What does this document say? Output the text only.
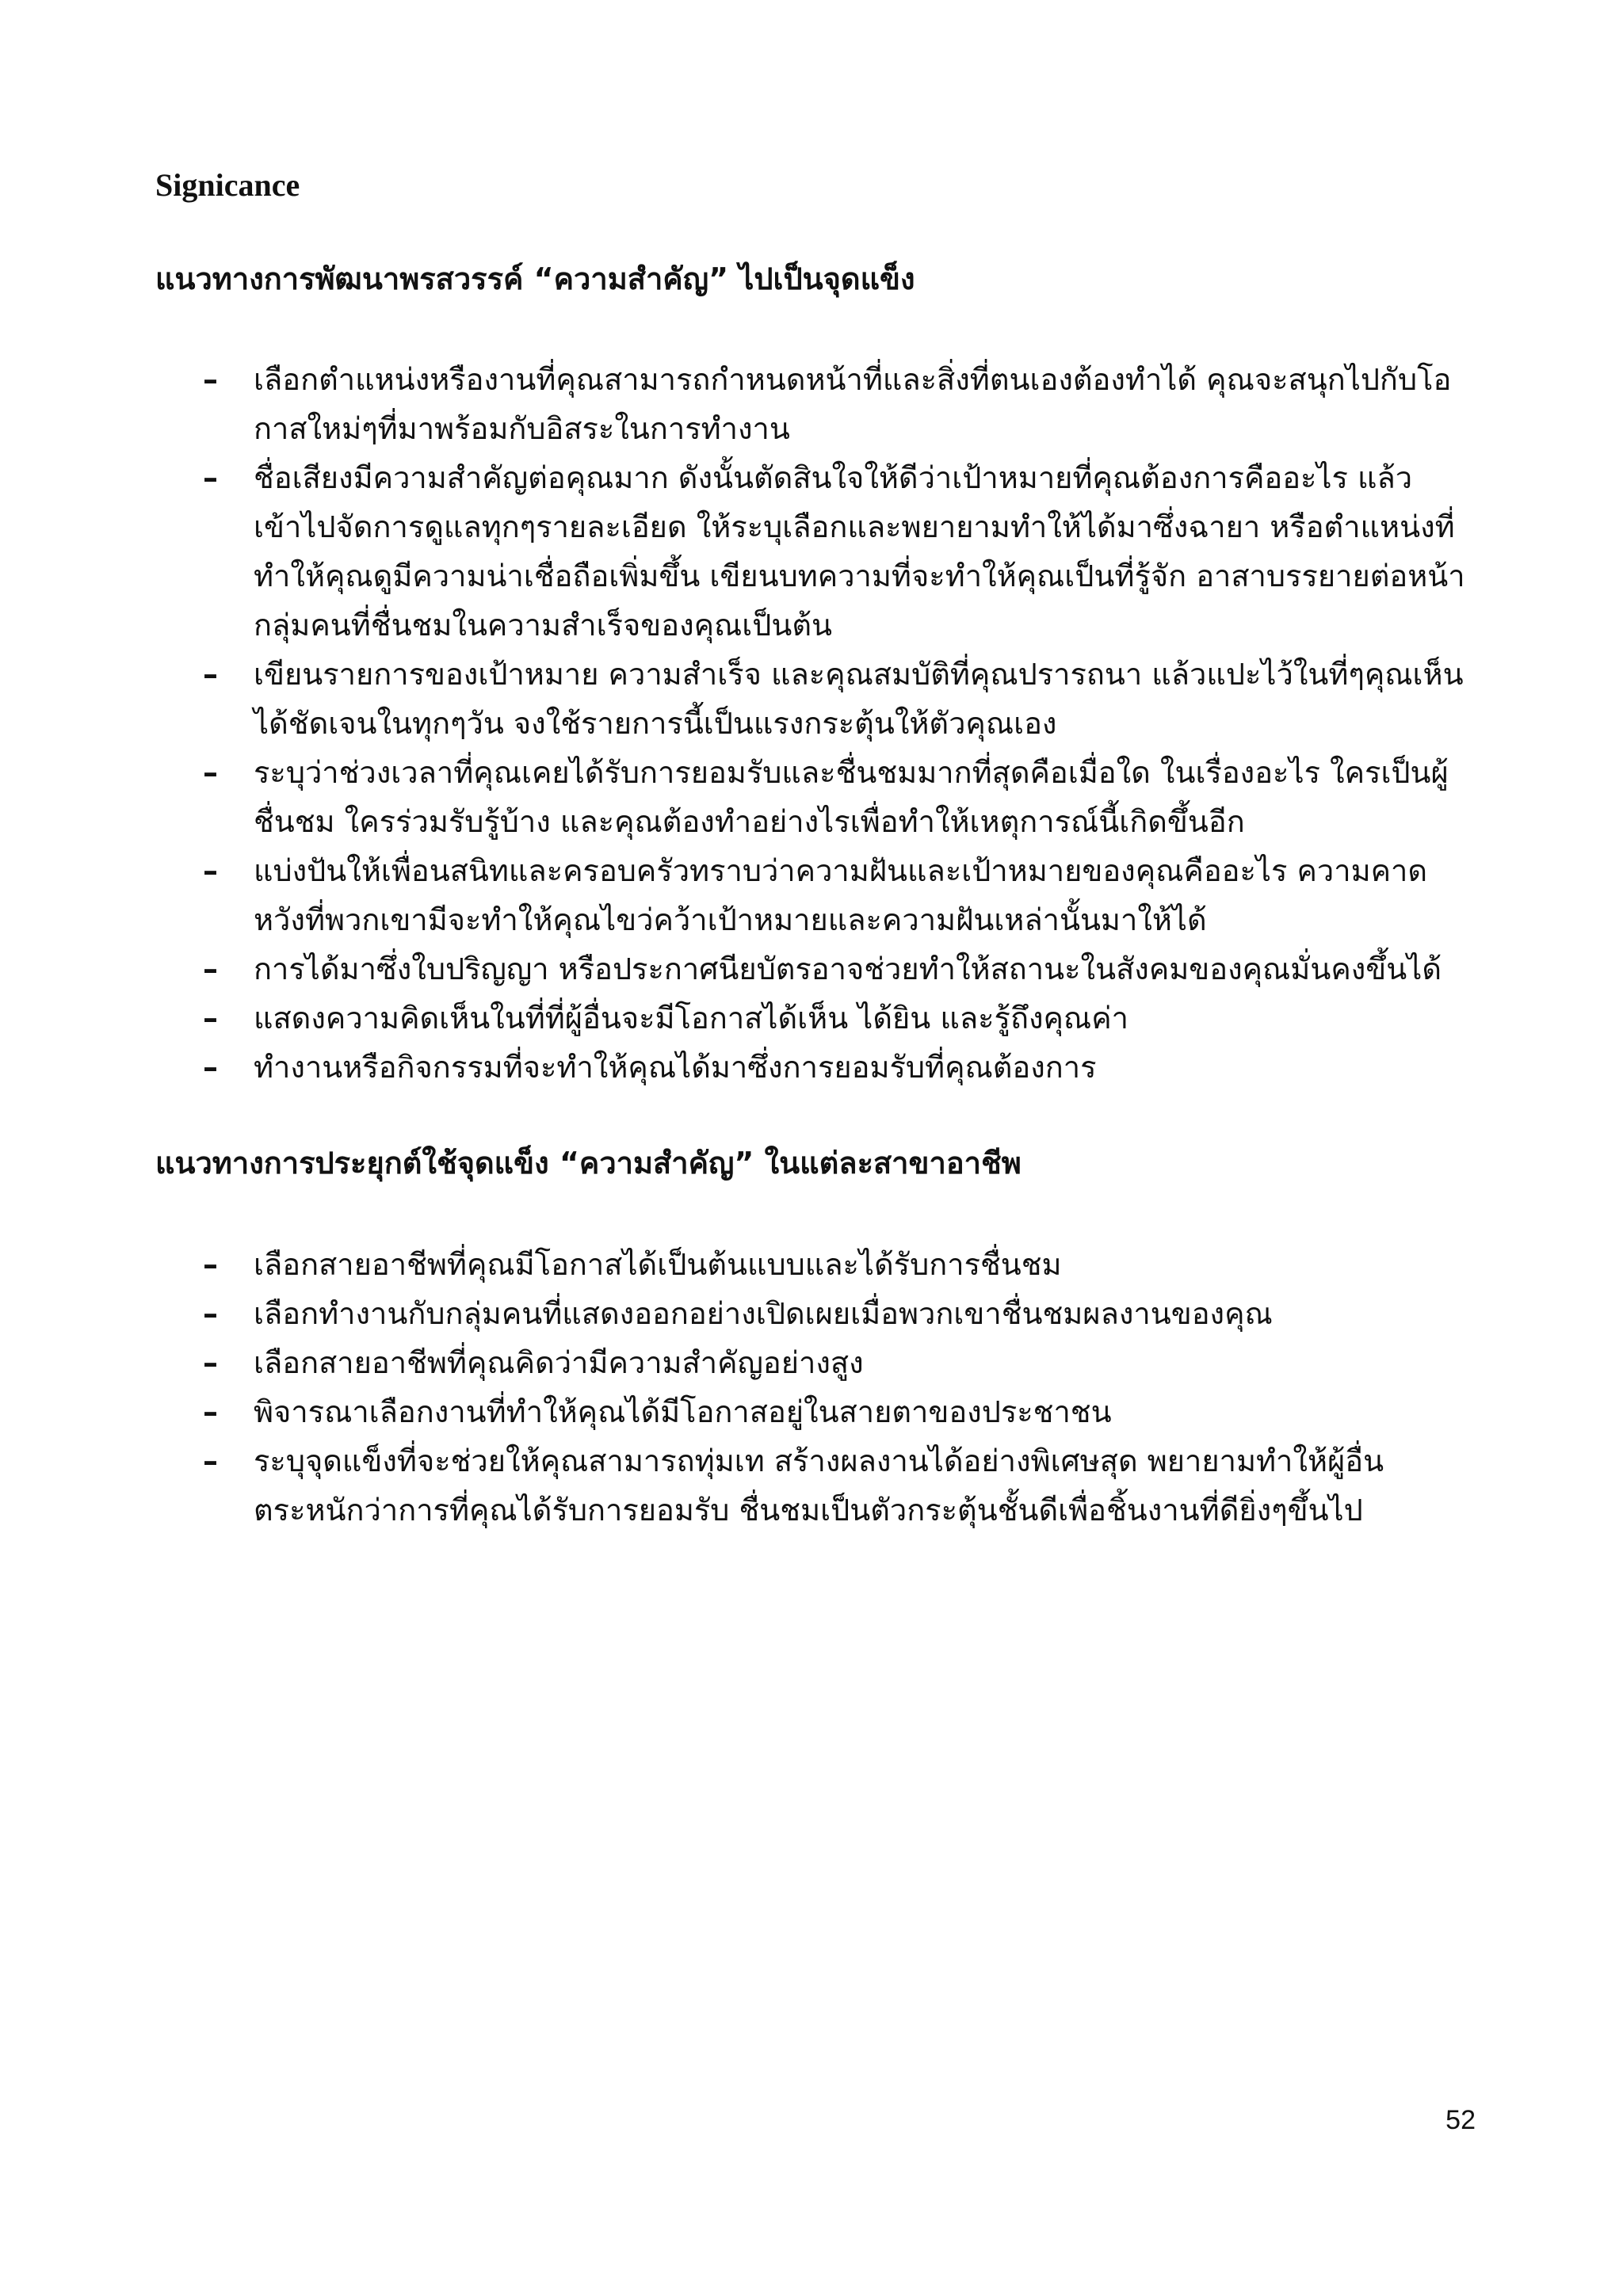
Signicance
แนวทางการพัฒนาพรสวรรค์ “ความสำคัญ” ไปเป็นจุดแข็ง
–	เลือกตำแหน่งหรืองานที่คุณสามารถกำหนดหน้าที่และสิ่งที่ตนเองต้องทำได้ คุณจะสนุกไปกับโอกาสใหม่ๆที่มาพร้อมกับอิสระในการทำงาน
–	ชื่อเสียงมีความสำคัญต่อคุณมาก ดังนั้นตัดสินใจให้ดีว่าเป้าหมายที่คุณต้องการคืออะไร แล้วเข้าไปจัดการดูแลทุกๆรายละเอียด ให้ระบุเลือกและพยายามทำให้ได้มาซึ่งฉายา หรือตำแหน่งที่ทำให้คุณดูมีความน่าเชื่อถือเพิ่มขึ้น เขียนบทความที่จะทำให้คุณเป็นที่รู้จัก อาสาบรรยายต่อหน้ากลุ่มคนที่ชื่นชมในความสำเร็จของคุณเป็นต้น
–	เขียนรายการของเป้าหมาย ความสำเร็จ และคุณสมบัติที่คุณปรารถนา แล้วแปะไว้ในที่ๆคุณเห็นได้ชัดเจนในทุกๆวัน จงใช้รายการนี้เป็นแรงกระตุ้นให้ตัวคุณเอง
–	ระบุว่าช่วงเวลาที่คุณเคยได้รับการยอมรับและชื่นชมมากที่สุดคือเมื่อใด ในเรื่องอะไร ใครเป็นผู้ชื่นชม ใครร่วมรับรู้บ้าง และคุณต้องทำอย่างไรเพื่อทำให้เหตุการณ์นี้เกิดขึ้นอีก
–	แบ่งปันให้เพื่อนสนิทและครอบครัวทราบว่าความฝันและเป้าหมายของคุณคืออะไร ความคาดหวังที่พวกเขามีจะทำให้คุณไขว่คว้าเป้าหมายและความฝันเหล่านั้นมาให้ได้
–	การได้มาซึ่งใบปริญญา หรือประกาศนียบัตรอาจช่วยทำให้สถานะในสังคมของคุณมั่นคงขึ้นได้
–	แสดงความคิดเห็นในที่ที่ผู้อื่นจะมีโอกาสได้เห็น ได้ยิน และรู้ถึงคุณค่า
–	ทำงานหรือกิจกรรมที่จะทำให้คุณได้มาซึ่งการยอมรับที่คุณต้องการ
แนวทางการประยุกต์ใช้จุดแข็ง “ความสำคัญ” ในแต่ละสาขาอาชีพ
–	เลือกสายอาชีพที่คุณมีโอกาสได้เป็นต้นแบบและได้รับการชื่นชม
–	เลือกทำงานกับกลุ่มคนที่แสดงออกอย่างเปิดเผยเมื่อพวกเขาชื่นชมผลงานของคุณ
–	เลือกสายอาชีพที่คุณคิดว่ามีความสำคัญอย่างสูง
–	พิจารณาเลือกงานที่ทำให้คุณได้มีโอกาสอยู่ในสายตาของประชาชน
–	ระบุจุดแข็งที่จะช่วยให้คุณสามารถทุ่มเท สร้างผลงานได้อย่างพิเศษสุด พยายามทำให้ผู้อื่นตระหนักว่าการที่คุณได้รับการยอมรับ ชื่นชมเป็นตัวกระตุ้นชั้นดีเพื่อชิ้นงานที่ดียิ่งๆขึ้นไป
52
